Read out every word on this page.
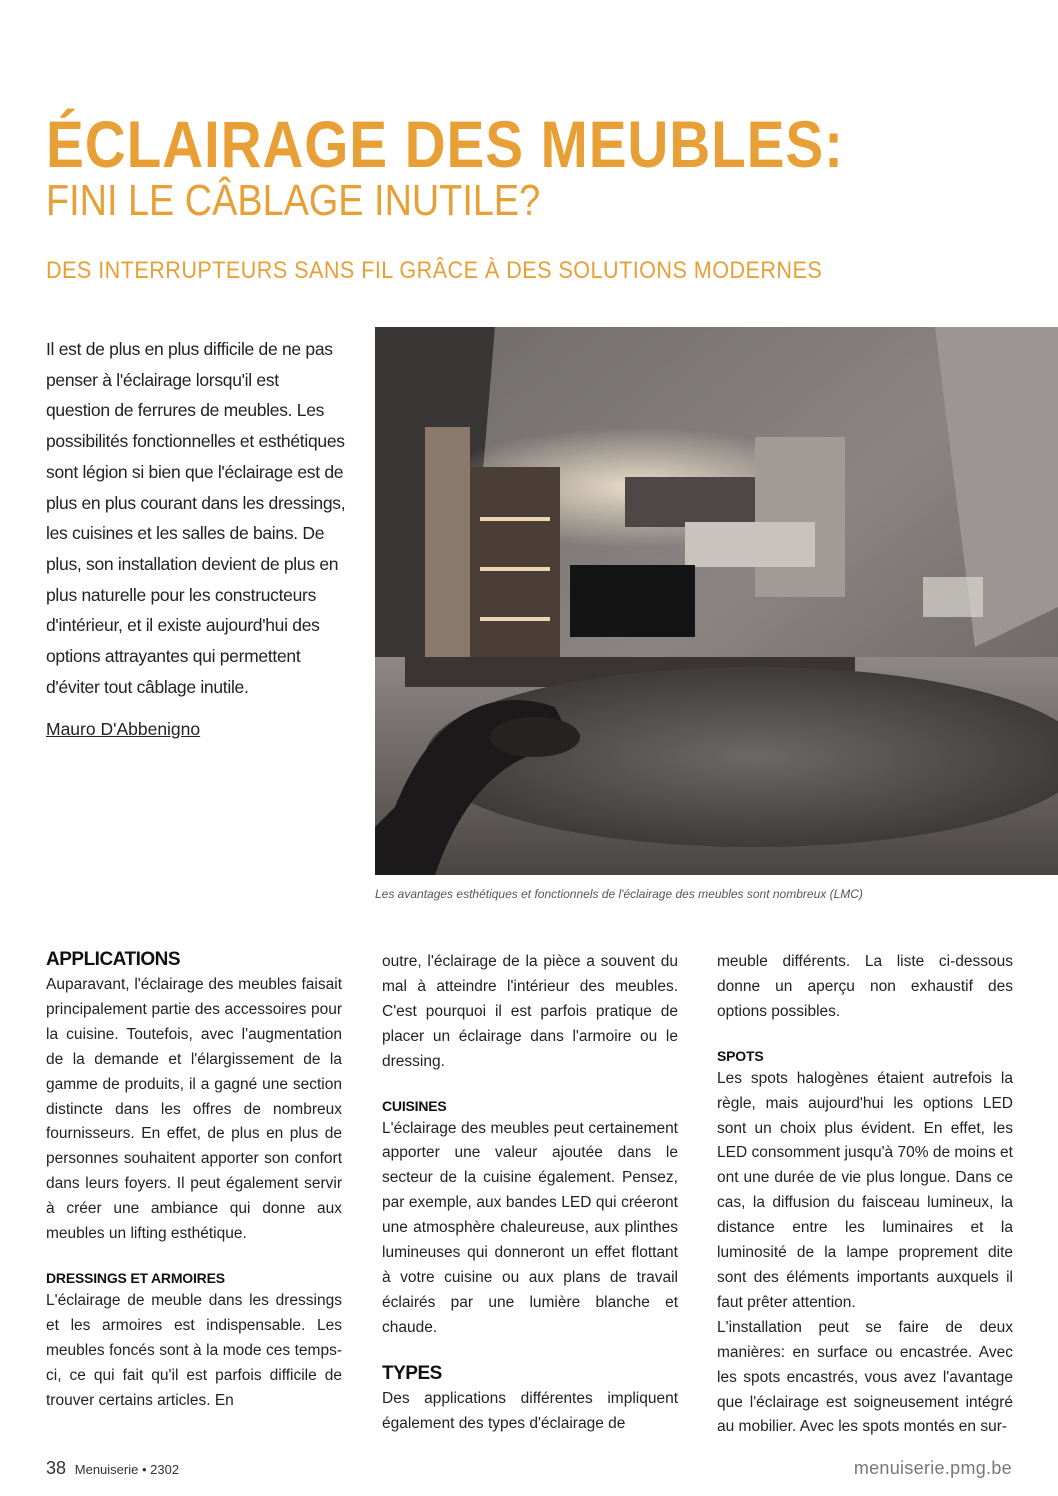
ÉCLAIRAGE DES MEUBLES:
FINI LE CÂBLAGE INUTILE?
DES INTERRUPTEURS SANS FIL GRÂCE À DES SOLUTIONS MODERNES

Il est de plus en plus difficile de ne pas penser à l'éclairage lorsqu'il est question de ferrures de meubles. Les possibilités fonctionnelles et esthétiques sont légion si bien que l'éclairage est de plus en plus courant dans les dressings, les cuisines et les salles de bains. De plus, son installation devient de plus en plus naturelle pour les constructeurs d'intérieur, et il existe aujourd'hui des options attrayantes qui permettent d'éviter tout câblage inutile.

Mauro D'Abbenigno
Les avantages esthétiques et fonctionnels de l'éclairage des meubles sont nombreux (LMC)
APPLICATIONS

Auparavant, l'éclairage des meubles faisait principalement partie des accessoires pour la cuisine. Toutefois, avec l'augmentation de la demande et l'élargissement de la gamme de produits, il a gagné une section distincte dans les offres de nombreux fournisseurs. En effet, de plus en plus de personnes souhaitent apporter son confort dans leurs foyers. Il peut également servir à créer une ambiance qui donne aux meubles un lifting esthétique.

DRESSINGS ET ARMOIRES

L'éclairage de meuble dans les dressings et les armoires est indispensable. Les meubles foncés sont à la mode ces temps-ci, ce qui fait qu'il est parfois difficile de trouver certains articles. En

outre, l'éclairage de la pièce a souvent du mal à atteindre l'intérieur des meubles. C'est pourquoi il est parfois pratique de placer un éclairage dans l'armoire ou le dressing.

CUISINES

L'éclairage des meubles peut certainement apporter une valeur ajoutée dans le secteur de la cuisine également. Pensez, par exemple, aux bandes LED qui créeront une atmosphère chaleureuse, aux plinthes lumineuses qui donneront un effet flottant à votre cuisine ou aux plans de travail éclairés par une lumière blanche et chaude.

TYPES

Des applications différentes impliquent également des types d'éclairage de

meuble différents. La liste ci-dessous donne un aperçu non exhaustif des options possibles.

SPOTS

Les spots halogènes étaient autrefois la règle, mais aujourd'hui les options LED sont un choix plus évident. En effet, les LED consomment jusqu'à 70% de moins et ont une durée de vie plus longue. Dans ce cas, la diffusion du faisceau lumineux, la distance entre les luminaires et la luminosité de la lampe proprement dite sont des éléments importants auxquels il faut prêter attention.

L'installation peut se faire de deux manières: en surface ou encastrée. Avec les spots encastrés, vous avez l'avantage que l'éclairage est soigneusement intégré au mobilier. Avec les spots montés en sur-

38 Menuiserie • 2302	menuiserie.pmg.be
